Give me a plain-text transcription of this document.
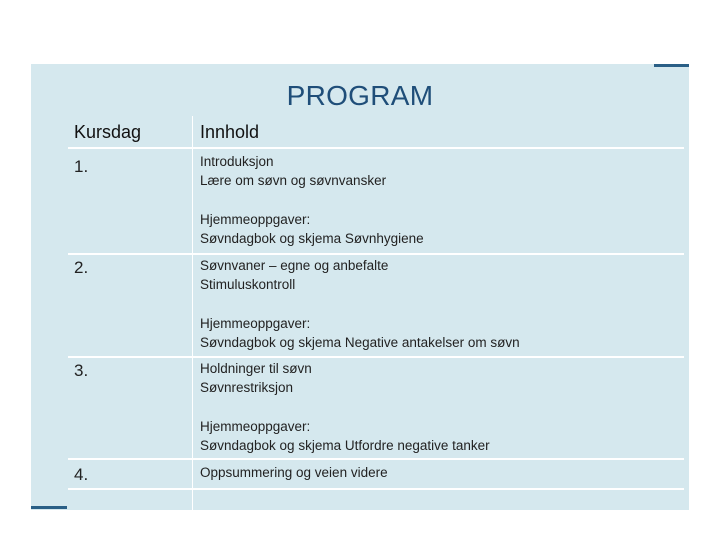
PROGRAM
Kursdag	Innhold
1.	Introduksjon
Lære om søvn og søvnvansker
Hjemmeoppgaver:
Søvndagbok og skjema Søvnhygiene
2.	Søvnvaner – egne og anbefalte
Stimuluskontroll
Hjemmeoppgaver:
Søvndagbok og skjema Negative antakelser om søvn
3.	Holdninger til søvn
Søvnrestriksjon
Hjemmeoppgaver:
Søvndagbok og skjema Utfordre negative tanker
4.	Oppsummering og veien videre
